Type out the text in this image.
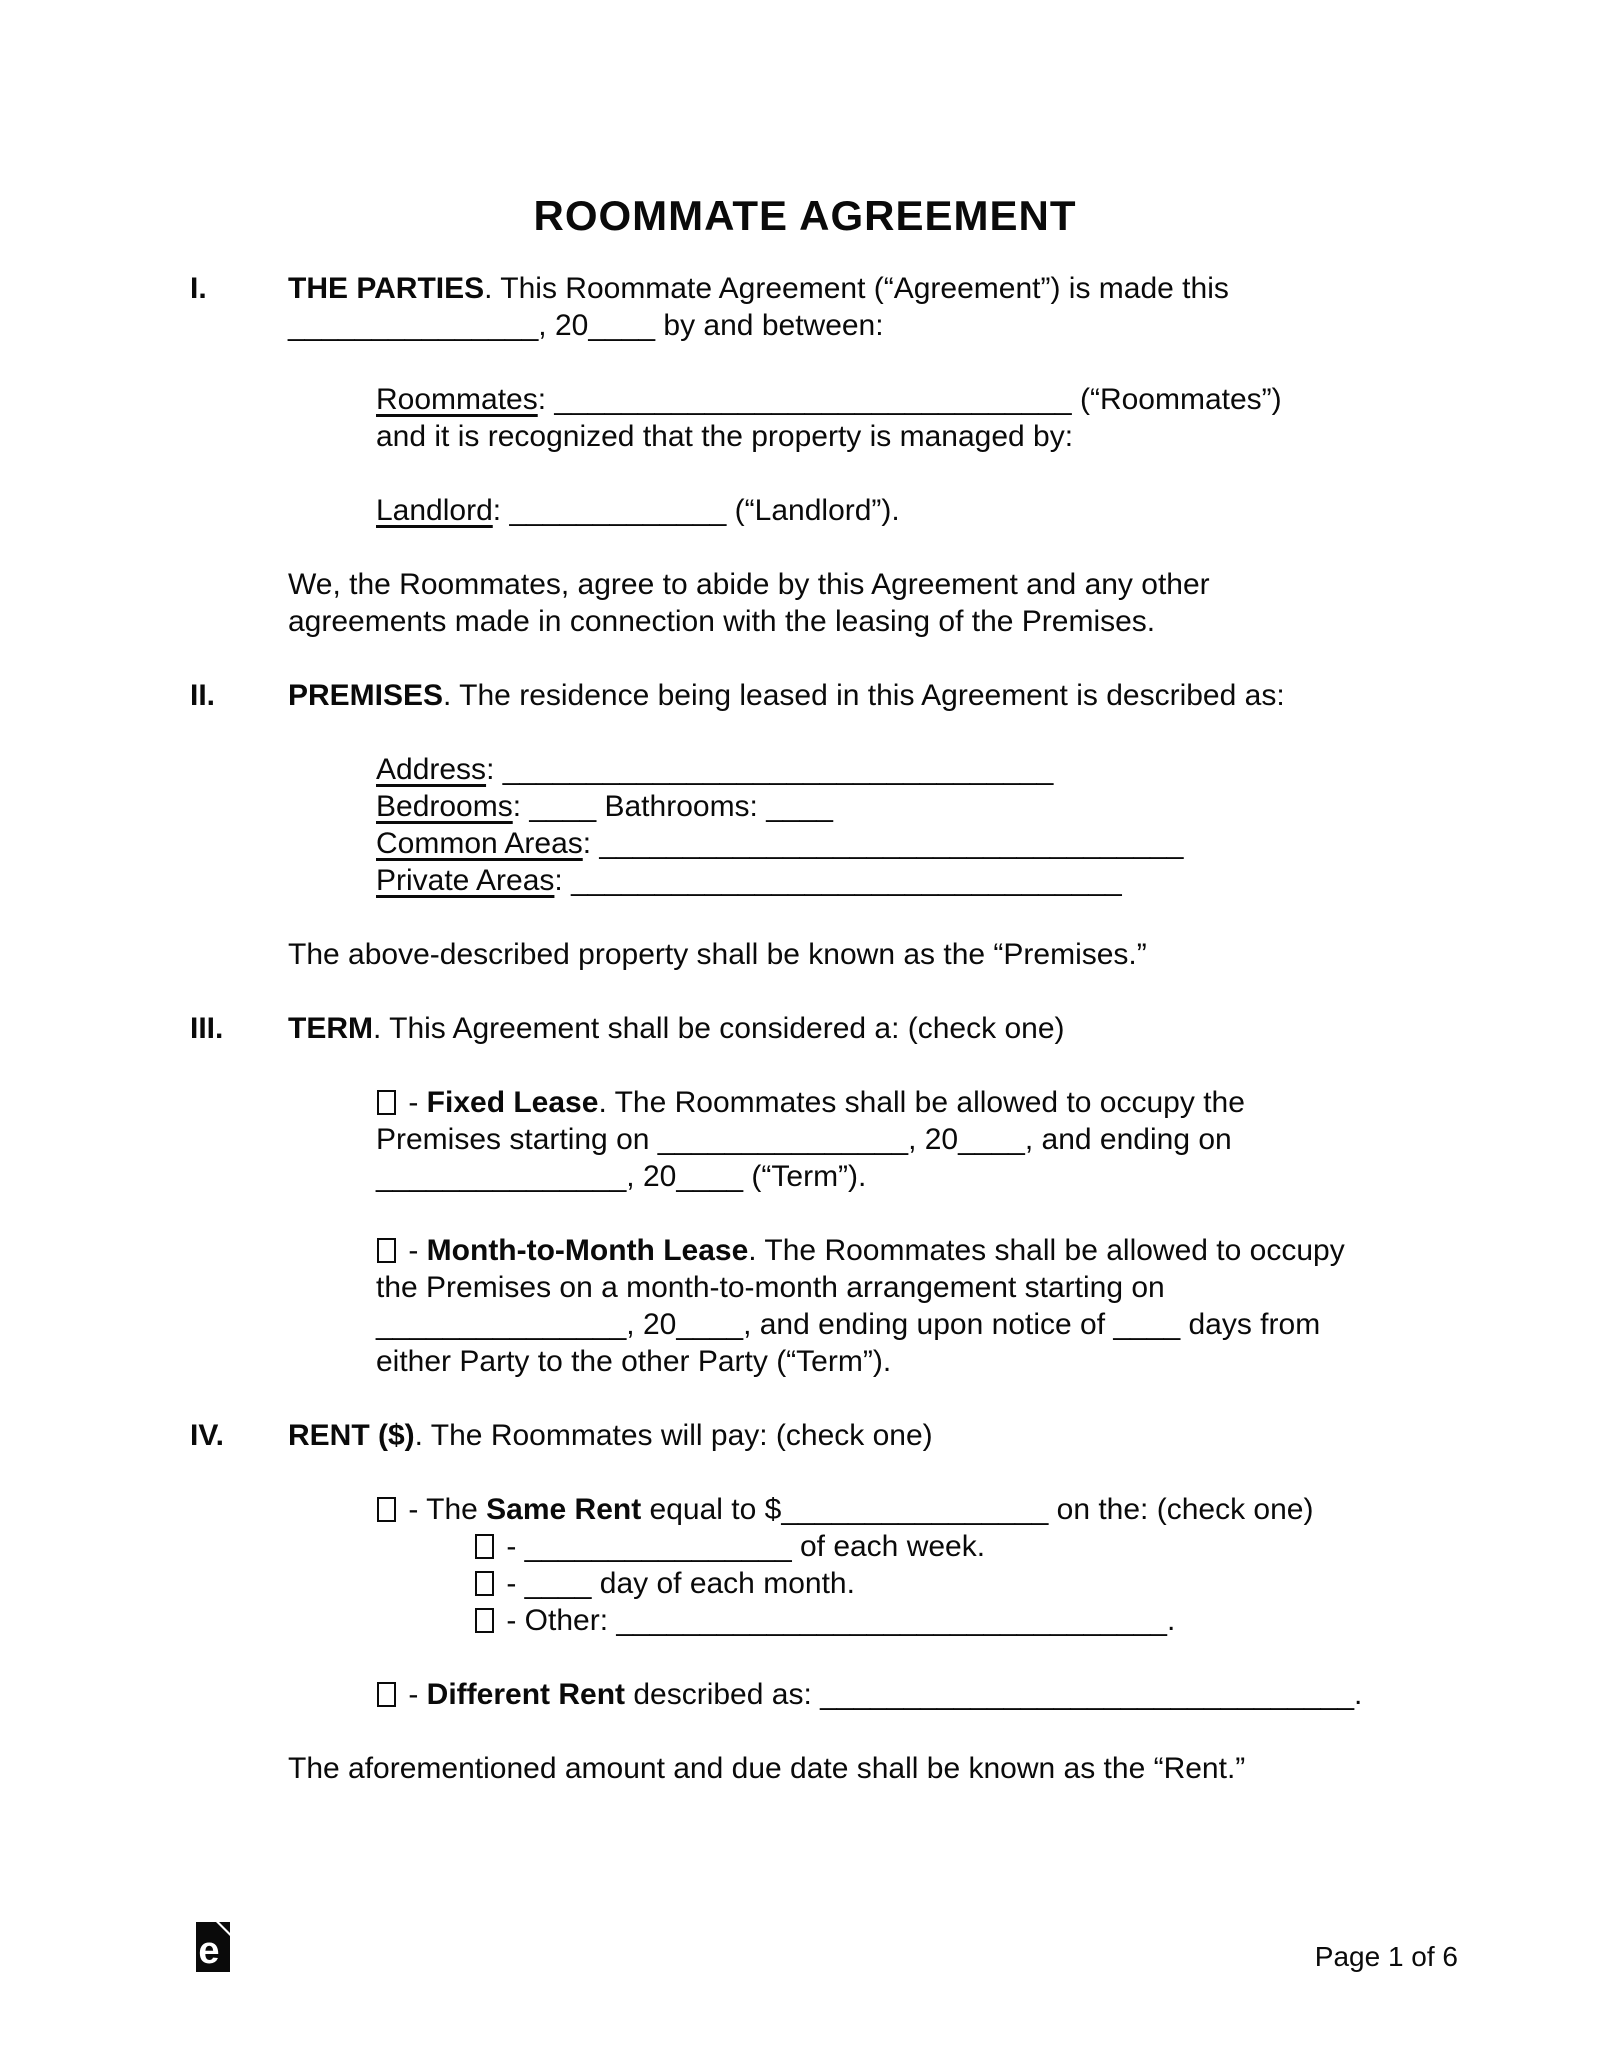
ROOMMATE AGREEMENT
I.	THE PARTIES. This Roommate Agreement (“Agreement”) is made this
_______________, 20____ by and between:
Roommates: _______________________________ (“Roommates”)
and it is recognized that the property is managed by:
Landlord: _____________ (“Landlord”).
We, the Roommates, agree to abide by this Agreement and any other
agreements made in connection with the leasing of the Premises.
II. PREMISES. The residence being leased in this Agreement is described as:
Address: _________________________________
Bedrooms: ____ Bathrooms: ____
Common Areas: ___________________________________
Private Areas: _________________________________
The above-described property shall be known as the “Premises.”
III. TERM. This Agreement shall be considered a: (check one)
- Fixed Lease. The Roommates shall be allowed to occupy the
Premises starting on _______________, 20____, and ending on
_______________, 20____ (“Term”).
- Month-to-Month Lease. The Roommates shall be allowed to occupy
the Premises on a month-to-month arrangement starting on
_______________, 20____, and ending upon notice of ____ days from
either Party to the other Party (“Term”).
IV. RENT ($). The Roommates will pay: (check one)
- The Same Rent equal to $________________ on the: (check one)
- ________________ of each week.
- ____ day of each month.
- Other: _________________________________.
- Different Rent described as: ________________________________.
The aforementioned amount and due date shall be known as the “Rent.”
e	Page 1 of 6
